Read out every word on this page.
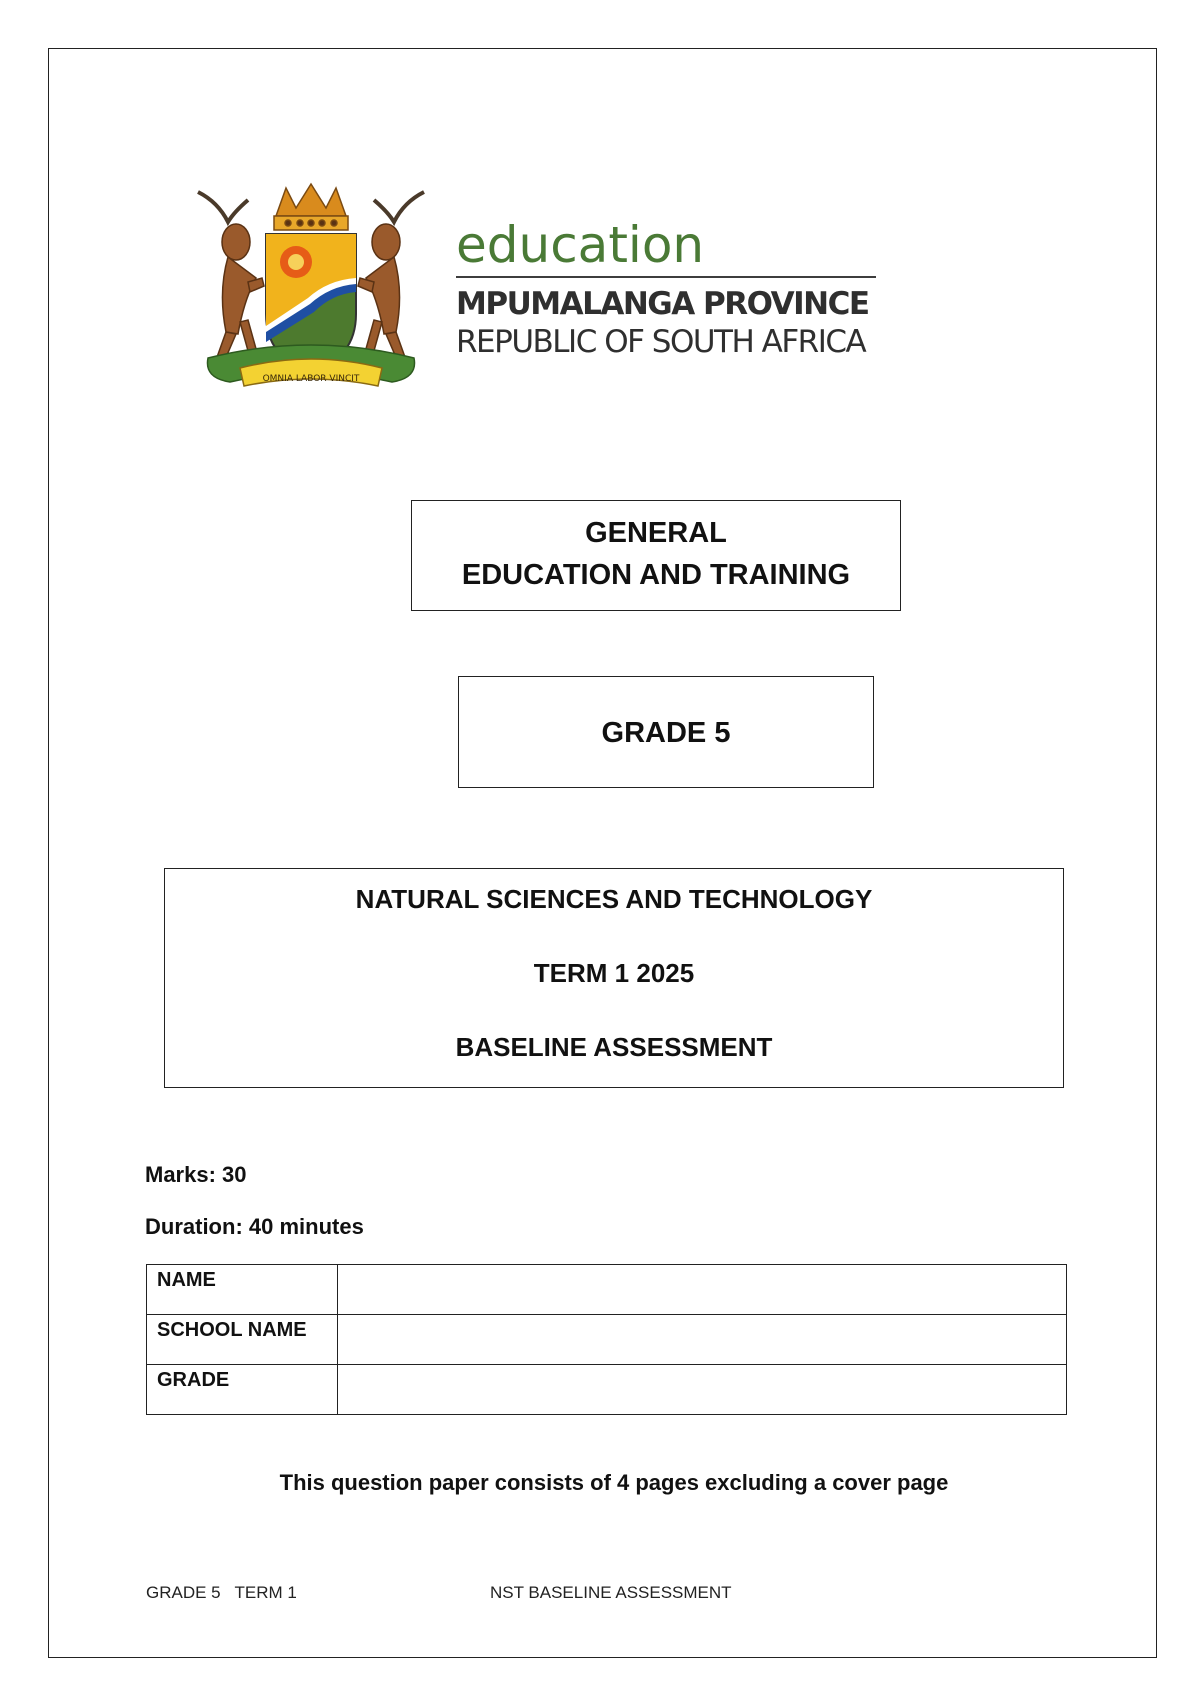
OMNIA LABOR VINCIT
education
MPUMALANGA PROVINCE
REPUBLIC OF SOUTH AFRICA
GENERAL
EDUCATION AND TRAINING
GRADE 5
NATURAL SCIENCES AND TECHNOLOGY
TERM 1 2025
BASELINE ASSESSMENT
Marks: 30
Duration: 40 minutes
NAME	
SCHOOL NAME	
GRADE	
This question paper consists of 4 pages excluding a cover page
GRADE 5   TERM 1	NST BASELINE ASSESSMENT
